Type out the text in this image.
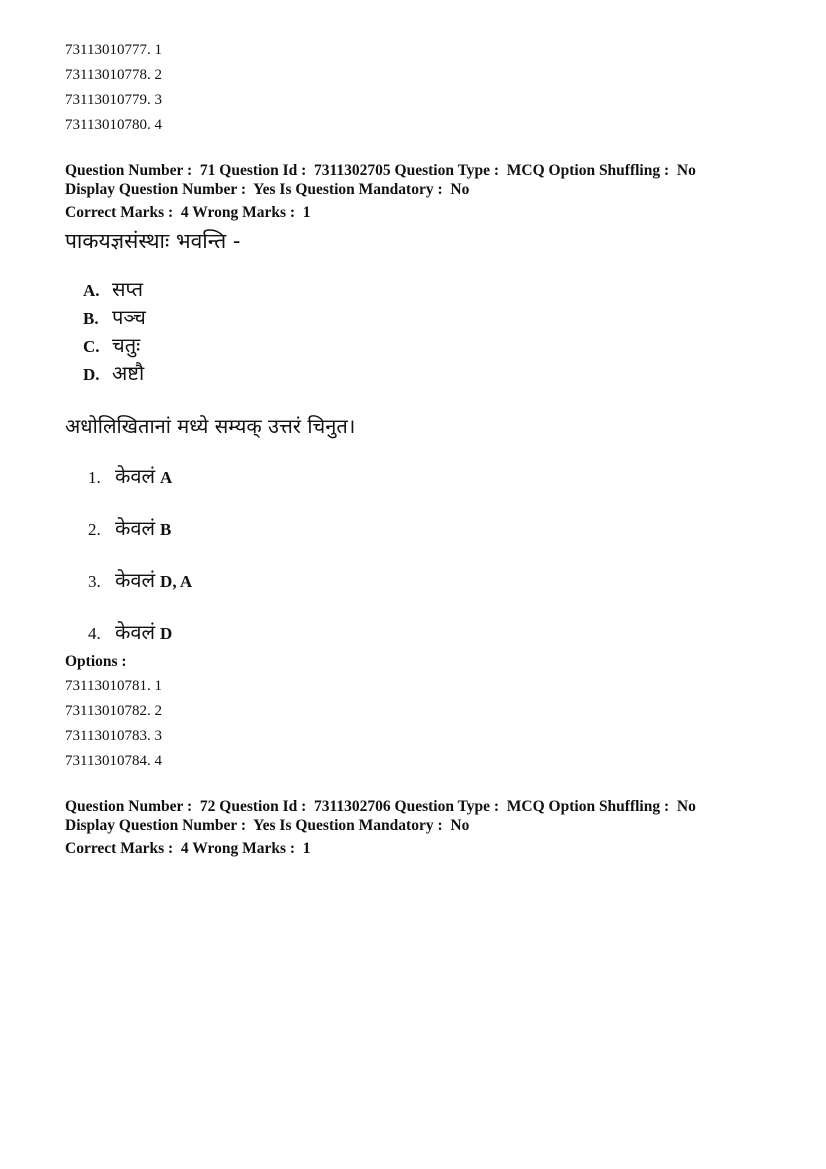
73113010777. 1
73113010778. 2
73113010779. 3
73113010780. 4
Question Number :  71 Question Id :  7311302705 Question Type :  MCQ Option Shuffling :  No
Display Question Number :  Yes Is Question Mandatory :  No
Correct Marks :  4 Wrong Marks :  1
पाकयज्ञसंस्थाः भवन्ति -
A. सप्त
B. पञ्च
C. चतुः
D. अष्टौ
अधोलिखितानां मध्ये सम्यक् उत्तरं चिनुत।
1. केवलं A
2. केवलं B
3. केवलं D, A
4. केवलं D
Options :
73113010781. 1
73113010782. 2
73113010783. 3
73113010784. 4
Question Number :  72 Question Id :  7311302706 Question Type :  MCQ Option Shuffling :  No
Display Question Number :  Yes Is Question Mandatory :  No
Correct Marks :  4 Wrong Marks :  1
